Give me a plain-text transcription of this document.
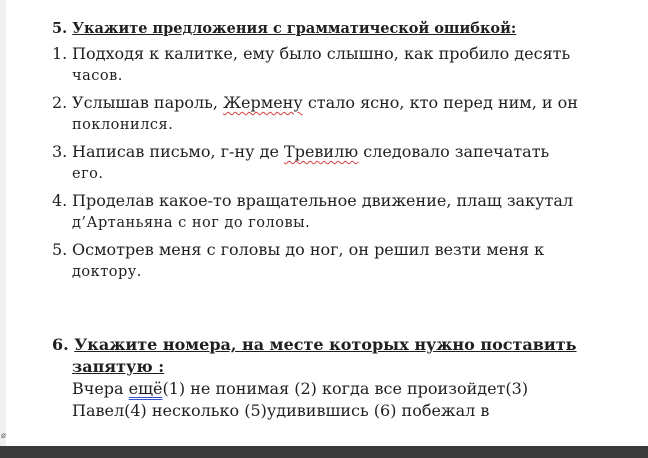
ø
5. Укажите предложения с грамматической ошибкой:
1. Подходя к калитке, ему было слышно, как пробило десять
часов.
2. Услышав пароль, Жермену стало ясно, кто перед ним, и он
поклонился.
3. Написав письмо, г-ну де Тревилю следовало запечатать
его.
4. Проделав какое-то вращательное движение, плащ закутал
д’Артаньяна с ног до головы.
5. Осмотрев меня с головы до ног, он решил везти меня к
доктору.
6. Укажите номера, на месте которых нужно поставить
запятую :
Вчера ещё(1) не понимая (2) когда все произойдет(3)
Павел(4) несколько (5)удивившись (6) побежал в
